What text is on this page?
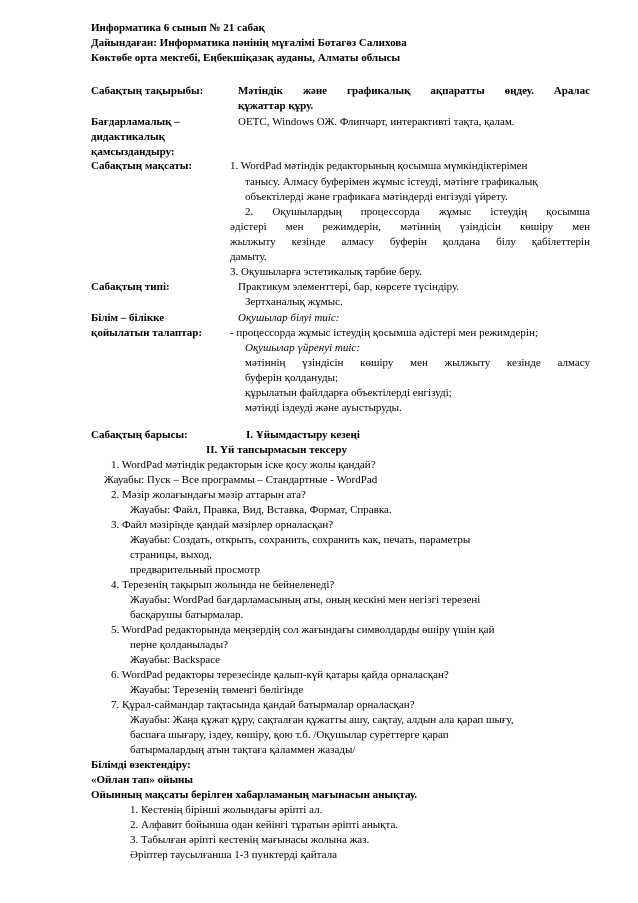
Информатика 6 сынып № 21 сабақ
Дайындаған: Информатика пәнінің мұғалімі Ботагөз Салихова
Көктөбе орта мектебі, Еңбекшіқазақ ауданы, Алматы облысы
Сабақтың тақырыбы:	Мәтіндік және графикалық ақпаратты өңдеу. Аралас
құжаттар құру.
Бағдарламалық –	ОЕТС, Windows ОЖ. Флипчарт, интерактивті тақта, қалам.
дидактикалық
қамсыздандыру:
Сабақтың мақсаты:	1. WordPad мәтіндік редакторының қосымша мүмкіндіктерімен
танысу. Алмасу буферімен жұмыс істеуді, мәтінге графикалық
объектілерді және графикаға мәтіндерді енгізуді үйрету.
2. Оқушылардың процессорда жұмыс істеудің қосымша
әдістері мен режимдерін, мәтіннің үзіндісін көшіру мен
жылжыту кезінде алмасу буферін қолдана білу қабілеттерін
дамыту.
3. Оқушыларға эстетикалық тәрбие беру.
Сабақтың типі:	Практикум элементтері, бар, көрсете түсіндіру.
Зертханалық жұмыс.
Білім – білікке	Оқушылар білуі тиіс:
қойылатын талаптар:	- процессорда жұмыс істеудің қосымша әдістері мен режимдерін;
Оқушылар үйренуі тиіс:
мәтіннің үзіндісін көшіру мен жылжыту кезінде алмасу
буферін қолдануды;
құрылатын файлдарға объектілерді енгізуді;
мәтінді іздеуді және ауыстыруды.
Сабақтың барысы:	І. Ұйымдастыру кезеңі
ІІ. Үй тапсырмасын тексеру
1. WordPad мәтіндік редакторын іске қосу жолы қандай?
Жауабы: Пуск – Все программы – Стандартные - WordPad
2. Мәзір жолағындағы мәзір аттарын ата?
Жауабы: Файл, Правка, Вид, Вставка, Формат, Справка.
3. Файл мәзірінде қандай мәзірлер орналасқан?
Жауабы: Создать, открыть, сохранить, сохранить как, печать, параметры
страницы, выход,
предварительный просмотр
4. Терезенің тақырып жолында не бейнеленеді?
Жауабы: WordPad бағдарламасының аты, оның кескіні мен негізгі терезені
басқарушы батырмалар.
5. WordPad редакторында меңзердің сол жағындағы символдарды өшіру үшін қай
перне қолданылады?
Жауабы: Backspace
6. WordPad редакторы терезесінде қалып-күй қатары қайда орналасқан?
Жауабы: Терезенің төменгі бөлігінде
7. Құрал-саймандар тақтасында қандай батырмалар орналасқан?
Жауабы: Жаңа құжат құру, сақталған құжатты ашу, сақтау, алдын ала қарап шығу,
баспаға шығару, іздеу, көшіру, қою т.б. /Оқушылар суреттерге қарап
батырмалардың атын тақтаға қаламмен жазады/
Білімді өзектендіру:
«Ойлан тап» ойыны
Ойынның мақсаты берілген хабарламаның мағынасын анықтау.
1. Кестенің бірінші жолындағы әріпті ал.
2. Алфавит бойынша одан кейінгі тұратын әріпті анықта.
3. Табылған әріпті кестенің мағынасы жолына жаз.
Әріптер таусылғанша 1-3 пунктерді қайтала
